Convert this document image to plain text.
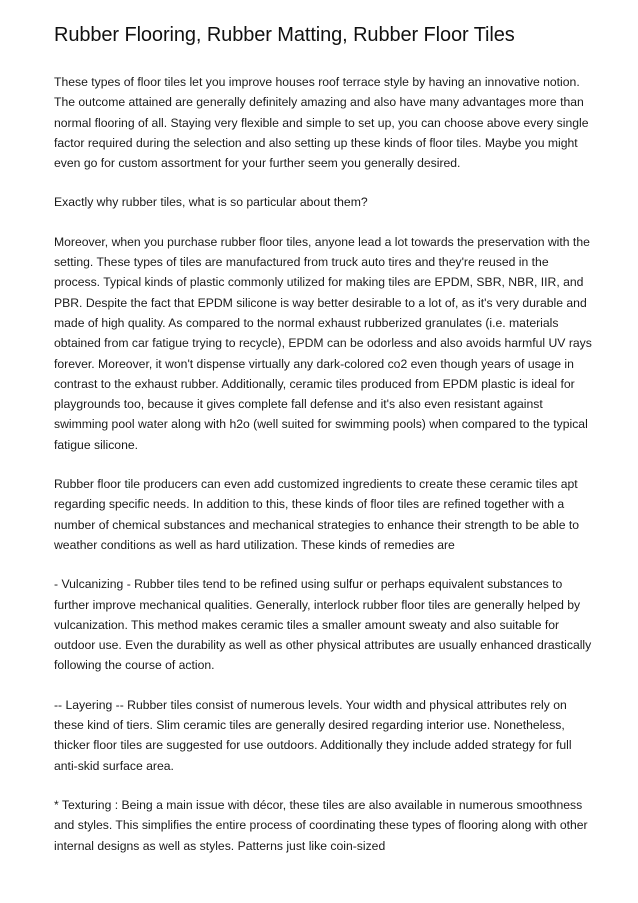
Rubber Flooring, Rubber Matting, Rubber Floor Tiles

These types of floor tiles let you improve houses roof terrace style by having an innovative notion. The outcome attained are generally definitely amazing and also have many advantages more than normal flooring of all. Staying very flexible and simple to set up, you can choose above every single factor required during the selection and also setting up these kinds of floor tiles. Maybe you might even go for custom assortment for your further seem you generally desired.

Exactly why rubber tiles, what is so particular about them?

Moreover, when you purchase rubber floor tiles, anyone lead a lot towards the preservation with the setting. These types of tiles are manufactured from truck auto tires and they're reused in the process. Typical kinds of plastic commonly utilized for making tiles are EPDM, SBR, NBR, IIR, and PBR. Despite the fact that EPDM silicone is way better desirable to a lot of, as it's very durable and made of high quality. As compared to the normal exhaust rubberized granulates (i.e. materials obtained from car fatigue trying to recycle), EPDM can be odorless and also avoids harmful UV rays forever. Moreover, it won't dispense virtually any dark-colored co2 even though years of usage in contrast to the exhaust rubber. Additionally, ceramic tiles produced from EPDM plastic is ideal for playgrounds too, because it gives complete fall defense and it's also even resistant against swimming pool water along with h2o (well suited for swimming pools) when compared to the typical fatigue silicone.

Rubber floor tile producers can even add customized ingredients to create these ceramic tiles apt regarding specific needs. In addition to this, these kinds of floor tiles are refined together with a number of chemical substances and mechanical strategies to enhance their strength to be able to weather conditions as well as hard utilization. These kinds of remedies are

- Vulcanizing - Rubber tiles tend to be refined using sulfur or perhaps equivalent substances to further improve mechanical qualities. Generally, interlock rubber floor tiles are generally helped by vulcanization. This method makes ceramic tiles a smaller amount sweaty and also suitable for outdoor use. Even the durability as well as other physical attributes are usually enhanced drastically following the course of action.

-- Layering -- Rubber tiles consist of numerous levels. Your width and physical attributes rely on these kind of tiers. Slim ceramic tiles are generally desired regarding interior use. Nonetheless, thicker floor tiles are suggested for use outdoors. Additionally they include added strategy for full anti-skid surface area.

* Texturing : Being a main issue with décor, these tiles are also available in numerous smoothness and styles. This simplifies the entire process of coordinating these types of flooring along with other internal designs as well as styles. Patterns just like coin-sized
